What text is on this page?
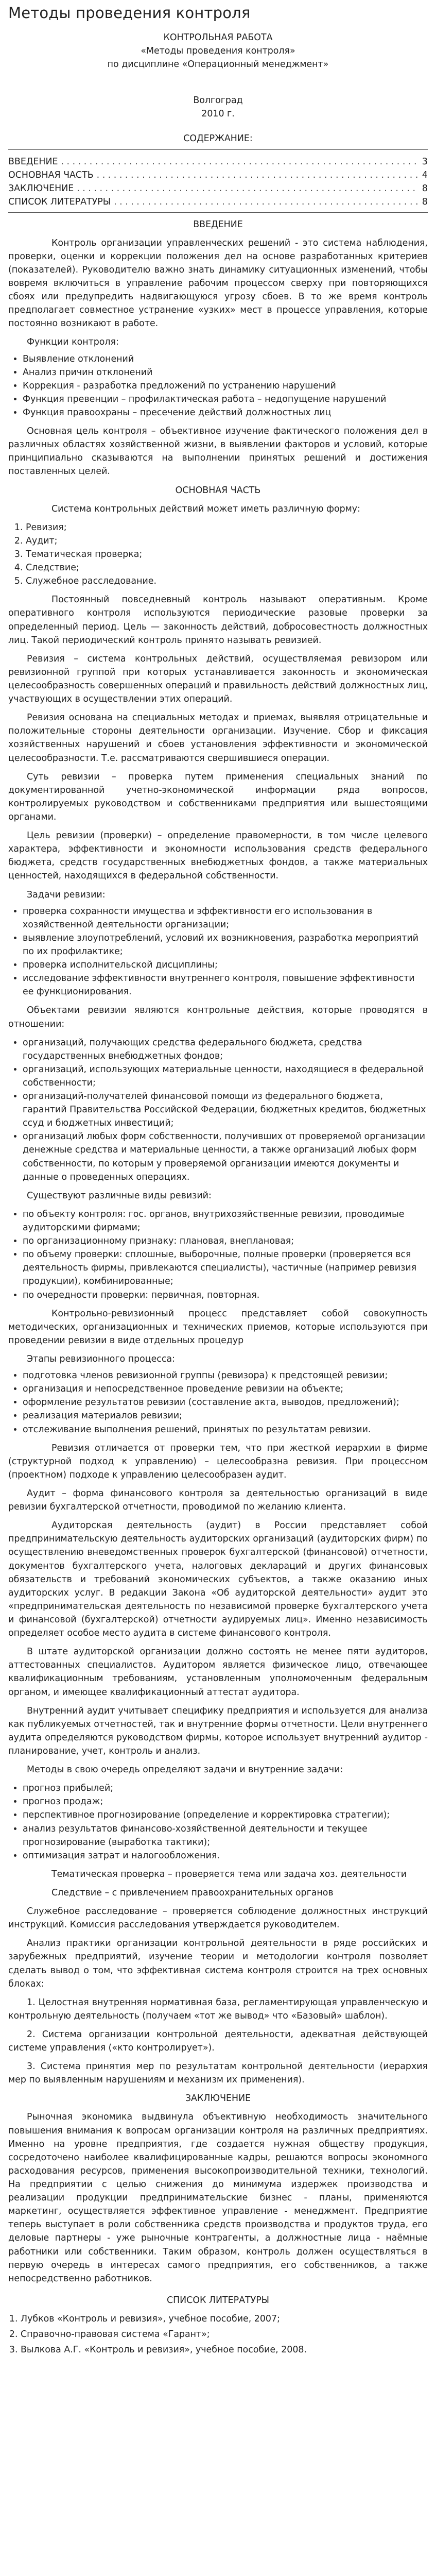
Методы проведения контроля

КОНТРОЛЬНАЯ РАБОТА

«Методы проведения контроля»

по дисциплине «Операционный менеджмент»

Волгоград

2010 г.

СОДЕРЖАНИЕ:

ВВЕДЕНИЕ . . .	3
ОСНОВНАЯ ЧАСТЬ . . .	4
ЗАКЛЮЧЕНИЕ . . .	8
СПИСОК ЛИТЕРАТУРЫ . . .	8

ВВЕДЕНИЕ

Контроль организации управленческих решений - это система наблюдения, проверки, оценки и коррекции положения дел на основе разработанных критериев (показателей). Руководителю важно знать динамику ситуационных изменений, чтобы вовремя включиться в управление рабочим процессом сверху при повторяющихся сбоях или предупредить надвигающуюся угрозу сбоев. В то же время контроль предполагает совместное устранение «узких» мест в процессе управления, которые постоянно возникают в работе.

Функции контроля:

• Выявление отклонений
• Анализ причин отклонений
• Коррекция - разработка предложений по устранению нарушений
• Функция превенции – профилактическая работа – недопущение нарушений
• Функция правоохраны – пресечение действий должностных лиц

Основная цель контроля – объективное изучение фактического положения дел в различных областях хозяйственной жизни, в выявлении факторов и условий, которые принципиально сказываются на выполнении принятых решений и достижения поставленных целей.

ОСНОВНАЯ ЧАСТЬ

Система контрольных действий может иметь различную форму:

1. Ревизия;
2. Аудит;
3. Тематическая проверка;
4. Следствие;
5. Служебное расследование.

Постоянный повседневный контроль называют оперативным. Кроме оперативного контроля используются периодические разовые проверки за определенный период. Цель — законность действий, добросовестность должностных лиц. Такой периодический контроль принято называть ревизией.

Ревизия – система контрольных действий, осуществляемая ревизором или ревизионной группой при которых устанавливается законность и экономическая целесообразность совершенных операций и правильность действий должностных лиц, участвующих в осуществлении этих операций.

Ревизия основана на специальных методах и приемах, выявляя отрицательные и положительные стороны деятельности организации. Изучение. Сбор и фиксация хозяйственных нарушений и сбоев установления эффективности и экономической целесообразности. Т.е. рассматриваются свершившиеся операции.

Суть ревизии – проверка путем применения специальных знаний по документированной учетно-экономической информации ряда вопросов, контролируемых руководством и собственниками предприятия или вышестоящими органами.

Цель ревизии (проверки) – определение правомерности, в том числе целевого характера, эффективности и экономности использования средств федерального бюджета, средств государственных внебюджетных фондов, а также материальных ценностей, находящихся в федеральной собственности.

Задачи ревизии:

• проверка сохранности имущества и эффективности его использования в хозяйственной деятельности организации;
• выявление злоупотреблений, условий их возникновения, разработка мероприятий по их профилактике;
• проверка исполнительской дисциплины;
• исследование эффективности внутреннего контроля, повышение эффективности ее функционирования.

Объектами ревизии являются контрольные действия, которые проводятся в отношении:

• организаций, получающих средства федерального бюджета, средства государственных внебюджетных фондов;
• организаций, использующих материальные ценности, находящиеся в федеральной собственности;
• организаций-получателей финансовой помощи из федерального бюджета, гарантий Правительства Российской Федерации, бюджетных кредитов, бюджетных ссуд и бюджетных инвестиций;
• организаций любых форм собственности, получивших от проверяемой организации денежные средства и материальные ценности, а также организаций любых форм собственности, по которым у проверяемой организации имеются документы и данные о проведенных операциях.

Существуют различные виды ревизий:

• по объекту контроля: гос. органов, внутрихозяйственные ревизии, проводимые аудиторскими фирмами;
• по организационному признаку: плановая, внеплановая;
• по объему проверки: сплошные, выборочные, полные проверки (проверяется вся деятельность фирмы, привлекаются специалисты), частичные (например ревизия продукции), комбинированные;
• по очередности проверки: первичная, повторная.

Контрольно-ревизионный процесс представляет собой совокупность методических, организационных и технических приемов, которые используются при проведении ревизии в виде отдельных процедур

Этапы ревизионного процесса:

• подготовка членов ревизионной группы (ревизора) к предстоящей ревизии;
• организация и непосредственное проведение ревизии на объекте;
• оформление результатов ревизии (составление акта, выводов, предложений);
• реализация материалов ревизии;
• отслеживание выполнения решений, принятых по результатам ревизии.

Ревизия отличается от проверки тем, что при жесткой иерархии в фирме (структурной подход к управлению) – целесообразна ревизия. При процессном (проектном) подходе к управлению целесообразен аудит.

Аудит – форма финансового контроля за деятельностью организаций в виде ревизии бухгалтерской отчетности, проводимой по желанию клиента.

Аудиторская деятельность (аудит) в России представляет собой предпринимательскую деятельность аудиторских организаций (аудиторских фирм) по осуществлению вневедомственных проверок бухгалтерской (финансовой) отчетности, документов бухгалтерского учета, налоговых деклараций и других финансовых обязательств и требований экономических субъектов, а также оказанию иных аудиторских услуг. В редакции Закона «Об аудиторской деятельности» аудит это «предпринимательская деятельность по независимой проверке бухгалтерского учета и финансовой (бухгалтерской) отчетности аудируемых лиц». Именно независимость определяет особое место аудита в системе финансового контроля.

В штате аудиторской организации должно состоять не менее пяти аудиторов, аттестованных специалистов. Аудитором является физическое лицо, отвечающее квалификационным требованиям, установленным уполномоченным федеральным органом, и имеющее квалификационный аттестат аудитора.

Внутренний аудит учитывает специфику предприятия и используется для анализа как публикуемых отчетностей, так и внутренние формы отчетности. Цели внутреннего аудита определяются руководством фирмы, которое использует внутренний аудитор - планирование, учет, контроль и анализ.

Методы в свою очередь определяют задачи и внутренние задачи:

• прогноз прибылей;
• прогноз продаж;
• перспективное прогнозирование (определение и корректировка стратегии);
• анализ результатов финансово-хозяйственной деятельности и текущее прогнозирование (выработка тактики);
• оптимизация затрат и налогообложения.

Тематическая проверка – проверяется тема или задача хоз. деятельности

Следствие – с привлечением правоохранительных органов

Служебное расследование – проверяется соблюдение должностных инструкций инструкций. Комиссия расследования утверждается руководителем.

Анализ практики организации контрольной деятельности в ряде российских и зарубежных предприятий, изучение теории и методологии контроля позволяет сделать вывод о том, что эффективная система контроля строится на трех основных блоках:

1. Целостная внутренняя нормативная база, регламентирующая управленческую и контрольную деятельность (получаем «тот же вывод» что «Базовый» шаблон).

2. Система организации контрольной деятельности, адекватная действующей системе управления («кто контролирует»).

3. Система принятия мер по результатам контрольной деятельности (иерархия мер по выявленным нарушениям и механизм их применения).

ЗАКЛЮЧЕНИЕ

Рыночная экономика выдвинула объективную необходимость значительного повышения внимания к вопросам организации контроля на различных предприятиях. Именно на уровне предприятия, где создается нужная обществу продукция, сосредоточено наиболее квалифицированные кадры, решаются вопросы экономного расходования ресурсов, применения высокопроизводительной техники, технологий. На предприятии с целью снижения до минимума издержек производства и реализации продукции предпринимательские бизнес - планы, применяются маркетинг, осуществляется эффективное управление - менеджмент. Предприятие теперь выступает в роли собственника средств производства и продуктов труда, его деловые партнеры - уже рыночные контрагенты, а должностные лица - наёмные работники или собственники. Таким образом, контроль должен осуществляться в первую очередь в интересах самого предприятия, его собственников, а также непосредственно работников.

СПИСОК ЛИТЕРАТУРЫ

1. Лубков «Контроль и ревизия», учебное пособие, 2007;
2. Справочно-правовая система «Гарант»;
3. Вылкова А.Г. «Контроль и ревизия», учебное пособие, 2008.
